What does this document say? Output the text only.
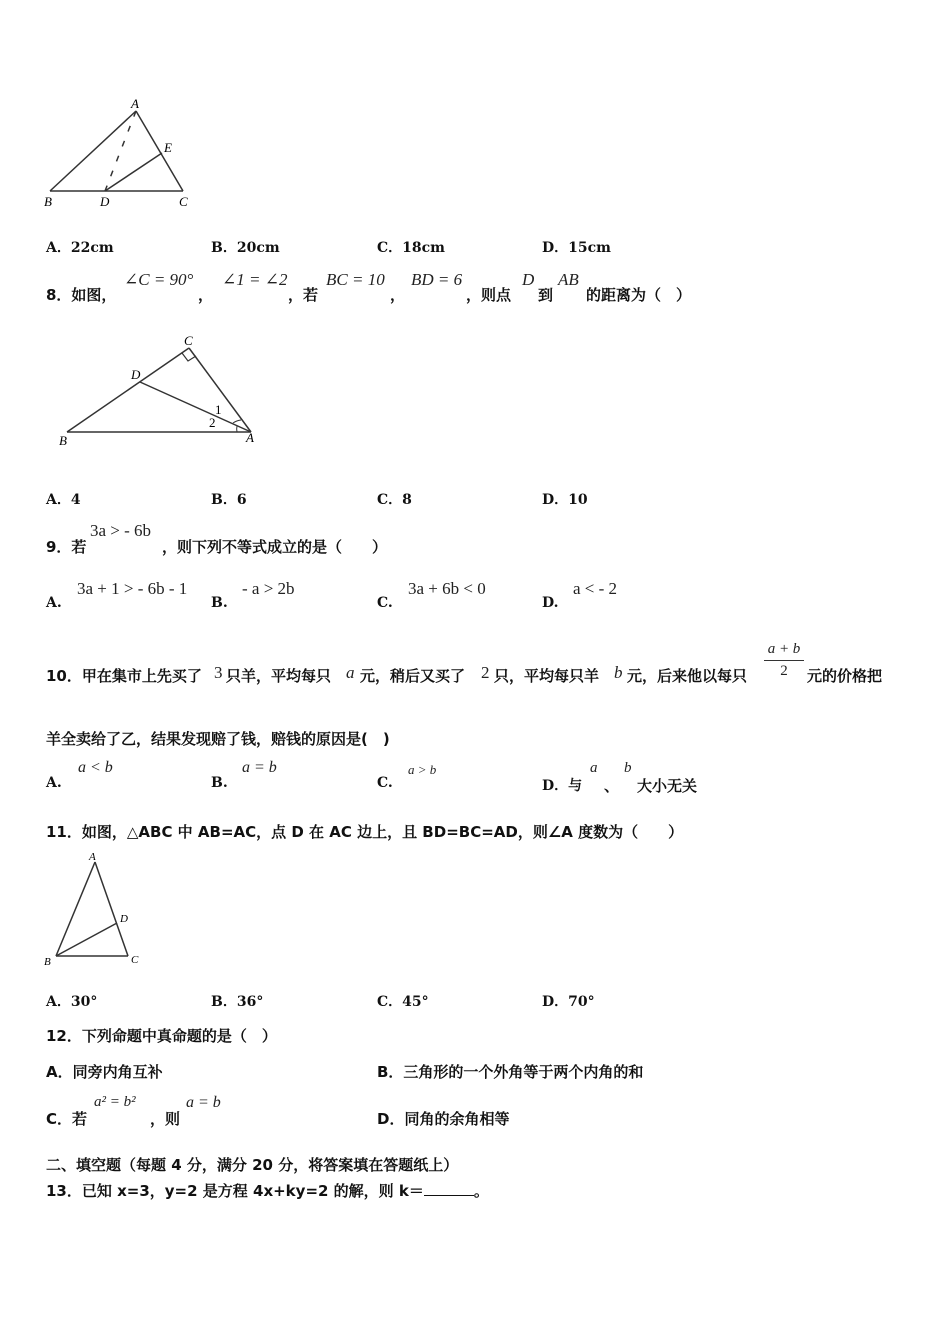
A
B	C
D
E
A．22cm	B．20cm	C．18cm	D．15cm
8．如图，
∠C = 90°
，
∠1 = ∠2
，若
BC = 10
，
BD = 6
，则点
D
到
AB
的距离为（　）
C
D
B	A
1
2
A．4	B．6	C．8	D．10
9．若
3a > - 6b
，则下列不等式成立的是（　　）
A.
3a + 1 > - 6b - 1
B.
- a > 2b
C.
3a + 6b < 0
D.
a < - 2
10．甲在集市上先买了 3 只羊，平均每只 a 元，稍后又买了 2 只，平均每只羊 b 元，后来他以每只
a + b
2	元的价格把
羊全卖给了乙，结果发现赔了钱，赔钱的原因是(　)
A.
a < b
B.
a = b
C.
a > b
D．与
a
、
b
大小无关
11．如图，△ABC 中 AB=AC，点 D 在 AC 边上，且 BD=BC=AD，则∠A 度数为（　　）
A
B	C
D
A．30°	B．36°	C．45°	D．70°
12．下列命题中真命题的是（　）
A．同旁内角互补	B．三角形的一个外角等于两个内角的和
C．若
a² = b²
，则
a = b
D．同角的余角相等
二、填空题（每题 4 分，满分 20 分，将答案填在答题纸上）
13．已知 x=3，y=2 是方程 4x+ky=2 的解，则 k＝	。
